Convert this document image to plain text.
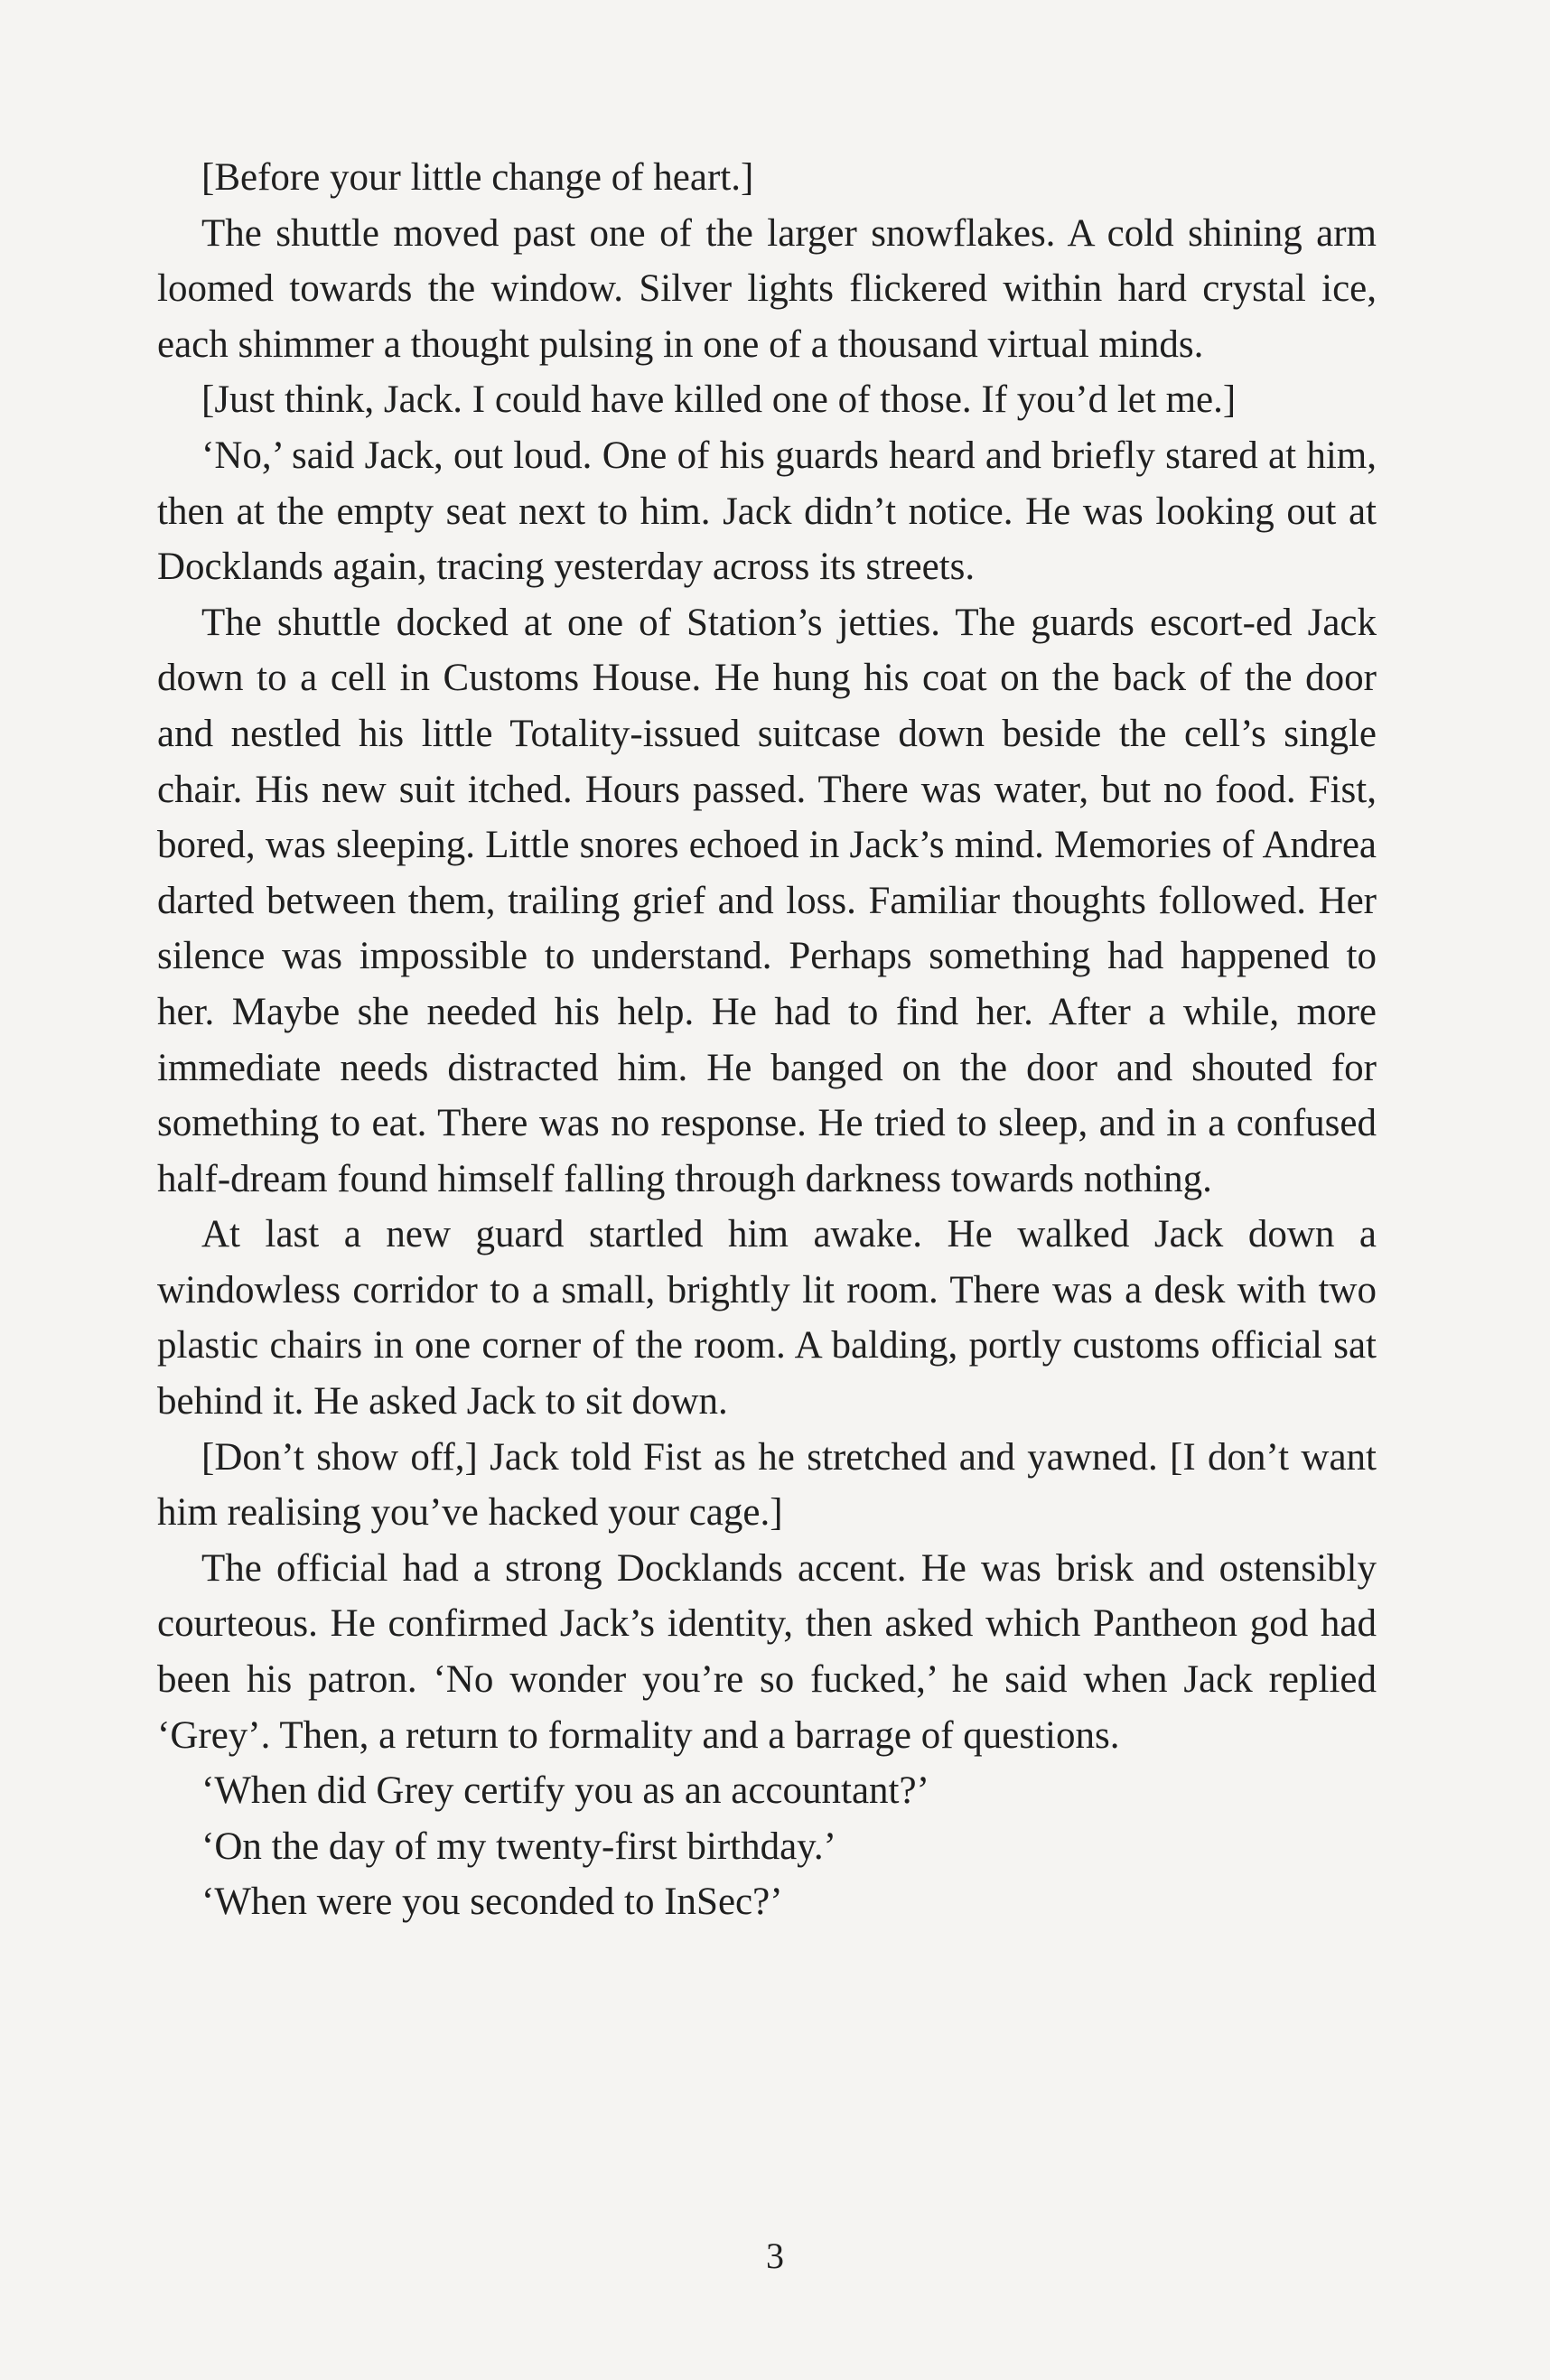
[Before your little change of heart.]

The shuttle moved past one of the larger snowflakes. A cold shining arm loomed towards the window. Silver lights flickered within hard crystal ice, each shimmer a thought pulsing in one of a thousand virtual minds.

[Just think, Jack. I could have killed one of those. If you’d let me.]

‘No,’ said Jack, out loud. One of his guards heard and briefly stared at him, then at the empty seat next to him. Jack didn’t notice. He was looking out at Docklands again, tracing yesterday across its streets.

The shuttle docked at one of Station’s jetties. The guards escort-ed Jack down to a cell in Customs House. He hung his coat on the back of the door and nestled his little Totality-issued suitcase down beside the cell’s single chair. His new suit itched. Hours passed. There was water, but no food. Fist, bored, was sleeping. Little snores echoed in Jack’s mind. Memories of Andrea darted between them, trailing grief and loss. Familiar thoughts followed. Her silence was impossible to understand. Perhaps something had happened to her. Maybe she needed his help. He had to find her. After a while, more immediate needs distracted him. He banged on the door and shouted for something to eat. There was no response. He tried to sleep, and in a confused half-dream found himself falling through darkness towards nothing.

At last a new guard startled him awake. He walked Jack down a windowless corridor to a small, brightly lit room. There was a desk with two plastic chairs in one corner of the room. A balding, portly customs official sat behind it. He asked Jack to sit down.

[Don’t show off,] Jack told Fist as he stretched and yawned. [I don’t want him realising you’ve hacked your cage.]

The official had a strong Docklands accent. He was brisk and ostensibly courteous. He confirmed Jack’s identity, then asked which Pantheon god had been his patron. ‘No wonder you’re so fucked,’ he said when Jack replied ‘Grey’. Then, a return to formality and a barrage of questions.

‘When did Grey certify you as an accountant?’

‘On the day of my twenty-first birthday.’

‘When were you seconded to InSec?’

3
